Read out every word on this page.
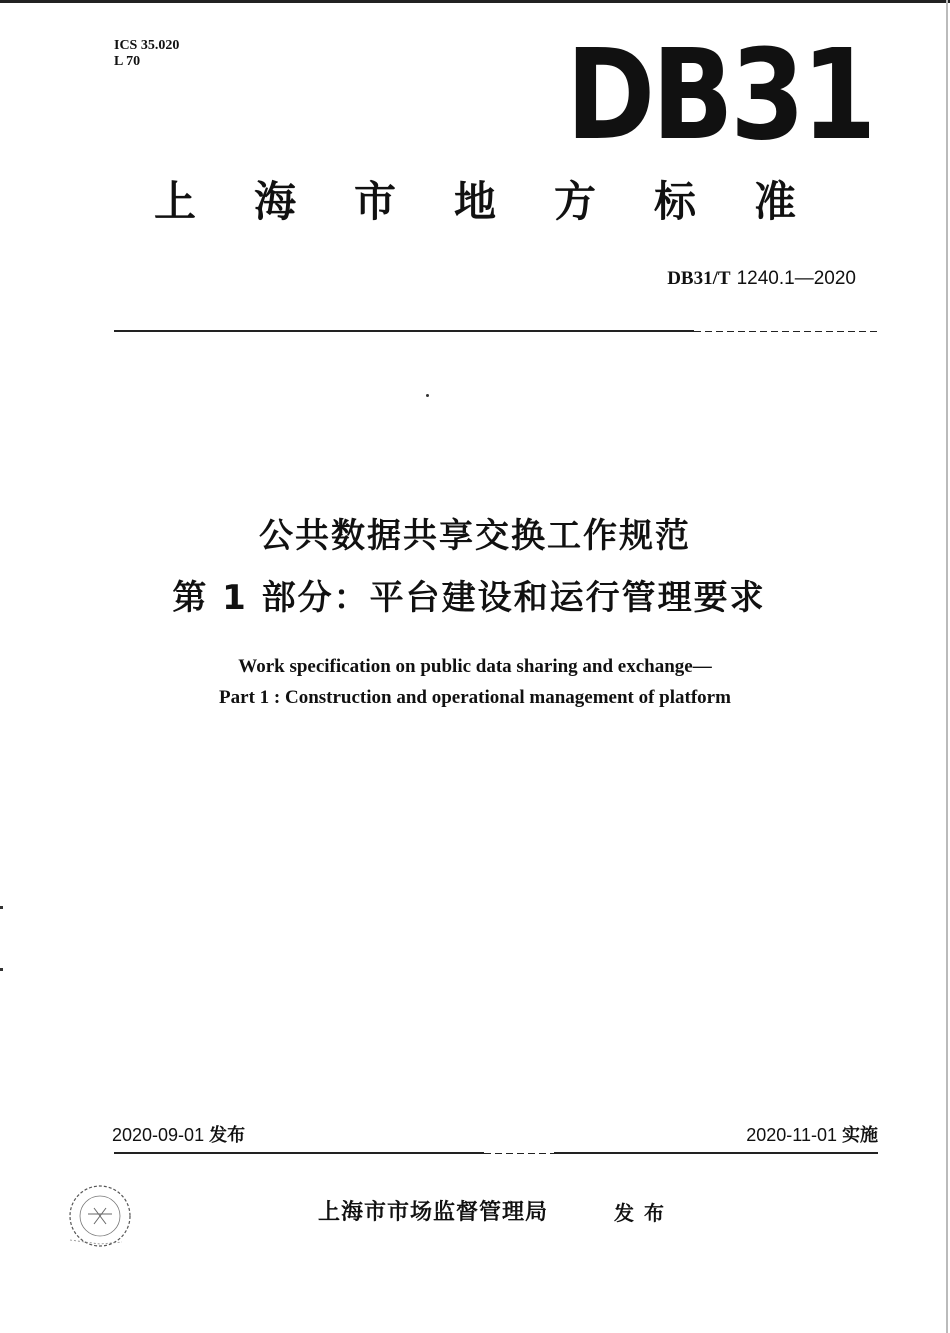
ICS 35.020
L 70	DB31
上 海 市 地 方 标 准
DB31/T 1240.1—2020
公共数据共享交换工作规范
第 1 部分：平台建设和运行管理要求
Work specification on public data sharing and exchange—
Part 1 : Construction and operational management of platform
2020-09-01 发布	2020-11-01 实施
上海市市场监督管理局	发布
